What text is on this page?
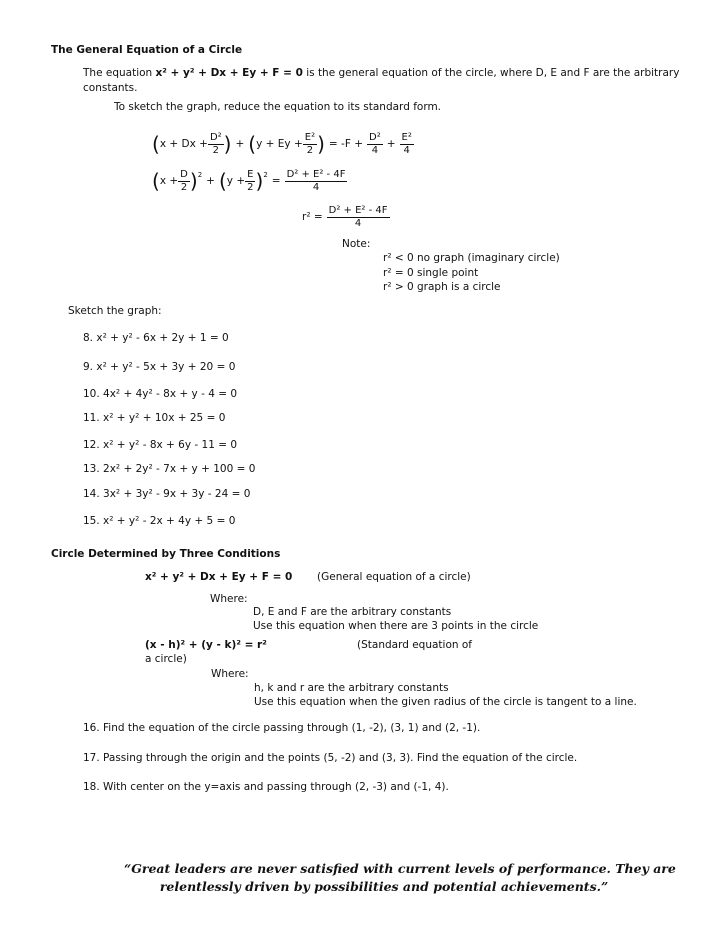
The General Equation of a Circle
The equation x² + y² + Dx + Ey + F = 0 is the general equation of the circle, where D, E and F are the arbitrary
constants.
To sketch the graph, reduce the equation to its standard form.
( $x + Dx + \frac{\text{D²}}{2}$ ) + ( $y + Ey + \frac{\text{E²}}{2}$ ) = $-F + \frac{\text{D²}}{4} + \frac{\text{E²}}{4}$
( $x + \frac{D}{2} )^2$ + ( $y + \frac{E}{2} )^2 = \frac{\text{D² + E² - 4F}}{4}$
$r^2 = \frac{\text{D² + E² - 4F}}{4}$
Note:
r² < 0 no graph (imaginary circle)
r² = 0 single point
r² > 0 graph is a circle
Sketch the graph:
8. x² + y² - 6x + 2y + 1 = 0
9. x² + y² - 5x + 3y + 20 = 0
10. 4x² + 4y² - 8x + y - 4 = 0
11. x² + y² + 10x + 25 = 0
12. x² + y² - 8x + 6y - 11 = 0
13. 2x² + 2y² - 7x + y + 100 = 0
14. 3x² + 3y² - 9x + 3y - 24 = 0
15. x² + y² - 2x + 4y + 5 = 0
Circle Determined by Three Conditions
x² + y² + Dx + Ey + F = 0 (General equation of a circle)
Where:
D, E and F are the arbitrary constants
Use this equation when there are 3 points in the circle
(x - h)² + (y - k)² = r²	(Standard equation of
a circle)
Where:
h, k and r are the arbitrary constants
Use this equation when the given radius of the circle is tangent to a line.
16. Find the equation of the circle passing through (1, -2), (3, 1) and (2, -1).
17. Passing through the origin and the points (5, -2) and (3, 3). Find the equation of the circle.
18. With center on the y=axis and passing through (2, -3) and (-1, 4).
“Great leaders are never satisfied with current levels of performance. They are
relentlessly driven by possibilities and potential achievements.”
